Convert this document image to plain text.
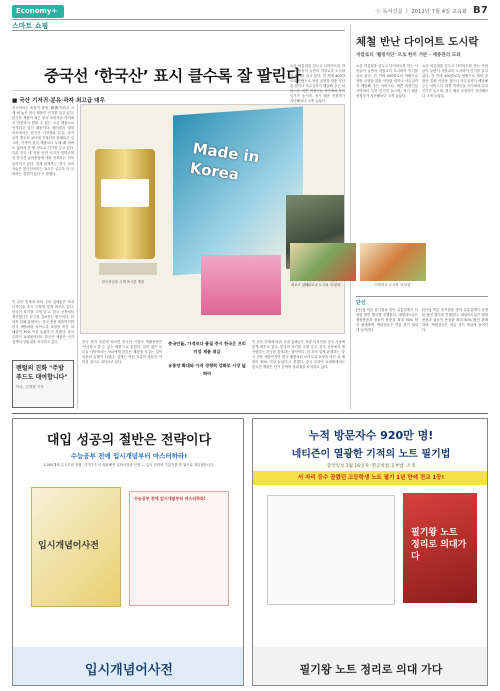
Economy+	ⓔ 독서신문 ㅣ 2012년 7월 4일 교육화 B7
스마트 쇼핑
중국선 ‘한국산’ 표시 클수록 잘 팔린다
■ 국산 기저귀·분유·과자 최고급 대우
중국에서는 포장지 겉에 '韓國'이라고 크게 써 놓은 한국 제품이 인기를 끌고 있다. 한국산 제품이 최근 중국 소비자들 사이에서 안전하고 믿을 수 있는 고급 제품으로 인식되고 있기 때문이다. 베이징의 대형 마트에서는 한국산 기저귀와 분유, 과자 등이 별도의 코너에 진열되어 판매되고 있으며, 가격이 현지 제품보다 두세 배 비싸도 없어서 못 팔 정도로 인기를 끌고 있다. 특히 중국 내 식품 안전 사고가 잇따르면서 한국산 유아용품에 대한 신뢰도는 더욱 높아지고 있다. 업계 관계자는 '중국 소비자들은 한국산이라는 표시가 클수록 더 신뢰하는 경향이 있다'고 말했다.
이 같은 추세에 따라 국내 업체들은 포장 디자인을 중국 시장에 맞게 바꾸고 있다. 한국어 표기를 크게 넣고, 한국 공장에서 생산했다는 문구를 강조하는 방식이다. 한 과자 업체 관계자는 '중국 전용 제품이지만 한국 제품처럼 보이도록 포장을 바꾼 뒤 매출이 30% 이상 늘었다'고 전했다. 중국 온라인 쇼핑몰에서도 한국산 제품은 인기 검색어 상위권을 차지하고 있다.
Made in Korea
한국산임을 크게 표시한 제품
펴보고 있다.
중국 현지 언론에 따르면 한국산 식품과 생활용품은 '안심하고 쓸 수 있는 제품'으로 통한다. 특히 젊은 부모들 사이에서는 자녀에게 한국산 제품을 사주는 것이 일종의 유행이 되었다. 업계는 이런 흐름이 당분간 이어질 것으로 내다보고 있다.
중국인들, 가격보다 품질 중시 한국은 프리미엄 제품 취급
유통망 확대와 가격 경쟁력 강화로 시장 넓혀야
이 같은 추세에 따라 국내 업체들은 포장 디자인을 중국 시장에 맞게 바꾸고 있다. 한국어 표기를 크게 넣고, 한국 공장에서 생산했다는 문구를 강조하는 방식이다. 한 과자 업체 관계자는 '중국 전용 제품이지만 한국 제품처럼 보이도록 포장을 바꾼 뒤 매출이 30% 이상 늘었다'고 전했다. 중국 온라인 쇼핑몰에서도 한국산 제품은 인기 검색어 상위권을 차지하고 있다.
렌털의 진화 "주방 푸드도 대여합니다"
박수, 김재형 기자
체철 반난 다이어트 도시락
저칼로리 '웰빙식단' 으로 한끼 거뜬 - 체중관리 도와
요즘 여름철을 앞두고 다이어트를 하는 사람들이 늘면서 저칼로리 도시락이 인기를 끌고 있다. 한 끼에 400칼로리 안팎으로 영양 균형을 맞춘 식단을 집이나 사무실까지 배달해 주는 서비스다. 바쁜 직장인들 사이에서 특히 인기가 높으며, 정기 배송 신청자가 지난해보다 크게 늘었다.
요즘 여름철을 앞두고 다이어트를 하는 사람들이 늘면서 저칼로리 도시락이 인기를 끌고 있다. 한 끼에 400칼로리 안팎으로 영양 균형을 맞춘 식단을 집이나 사무실까지 배달해 주는 서비스다. 바쁜 직장인들 사이에서 특히 인기가 높으며, 정기 배송 신청자가 지난해보다 크게 늘었다.
요즘 여름철을 앞두고 다이어트를 하는 사람들이 늘면서 저칼로리 도시락이 인기를 끌고 있다. 한 끼에 400칼로리 안팎으로 영양 균형을 맞춘 식단을 집이나 사무실까지 배달해 주는 서비스다. 바쁜 직장인들 사이에서 특히 인기가 높으며, 정기 배송 신청자가 지난해보다 크게 늘었다.
저칼로리 도시락 '슬림밀'	다이어트 도시락 '모닝업'
단신
[단신] 여름 휴가철을 맞아 유통업계가 다양한 할인 행사를 진행한다. 대형마트들은 캠핑용품과 물놀이 용품을 최대 50% 할인 판매하며, 백화점들은 여름 정기 세일에 들어간다.
[단신] 여름 휴가철을 맞아 유통업계가 다양한 할인 행사를 진행한다. 대형마트들은 캠핑용품과 물놀이 용품을 최대 50% 할인 판매하며, 백화점들은 여름 정기 세일에 들어간다.
대입 성공의 절반은 전략이다
수능공부 전에 입시개념부터 마스터하라!
3,000개의 수시모집 전형, 거기다가 더 복잡해진 입학사정관 전형 — 입시 전략의 기본기를 한 권으로 정리했습니다.
입시개념어사전
수능공부 전에 입시개념부터 마스터하라!
입시개념어사전
누적 방문자수 920만 명!
네티즌이 열광한 기적의 노트 필기법
중앙일보 3월 16일자 ‘열공비법 공부법’ 소개
서 자리 등수 끌렸던 고등학생 노트 필기 1년 만에 전교 1등!
필기왕 노트 정리로 의대가다
필기왕 노트 정리로 의대 가다
